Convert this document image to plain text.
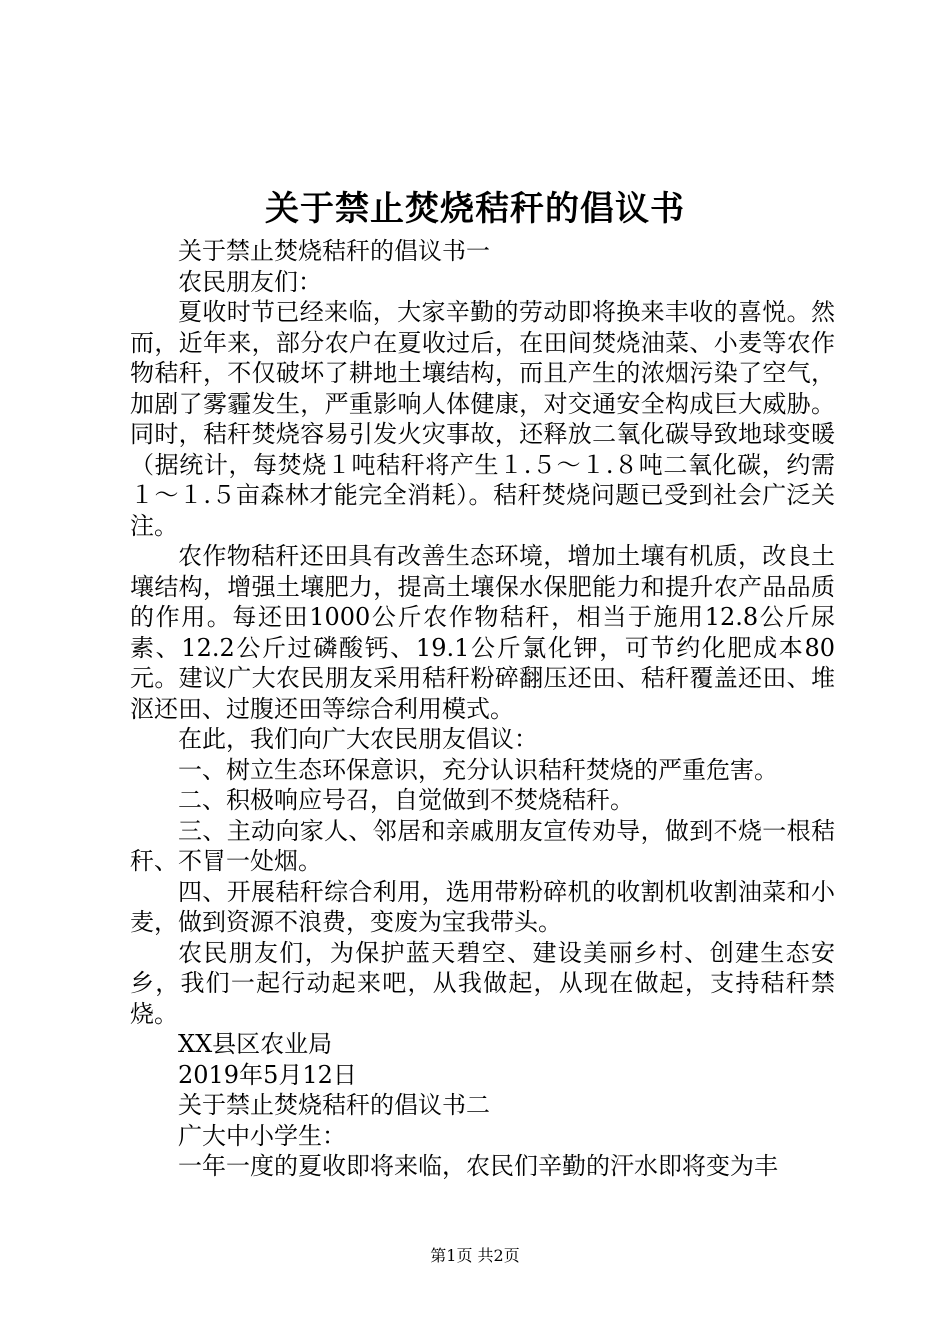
关于禁止焚烧秸秆的倡议书

关于禁止焚烧秸秆的倡议书一

农民朋友们：

夏收时节已经来临，大家辛勤的劳动即将换来丰收的喜悦。然而，近年来，部分农户在夏收过后，在田间焚烧油菜、小麦等农作物秸秆，不仅破坏了耕地土壤结构，而且产生的浓烟污染了空气，加剧了雾霾发生，严重影响人体健康，对交通安全构成巨大威胁。同时，秸秆焚烧容易引发火灾事故，还释放二氧化碳导致地球变暖（据统计，每焚烧１吨秸秆将产生１.５～１.８吨二氧化碳，约需１～１.５亩森林才能完全消耗）。秸秆焚烧问题已受到社会广泛关注。

农作物秸秆还田具有改善生态环境，增加土壤有机质，改良土壤结构，增强土壤肥力，提高土壤保水保肥能力和提升农产品品质的作用。每还田1000公斤农作物秸秆，相当于施用12.8公斤尿素、12.2公斤过磷酸钙、19.1公斤氯化钾，可节约化肥成本80元。建议广大农民朋友采用秸秆粉碎翻压还田、秸秆覆盖还田、堆沤还田、过腹还田等综合利用模式。

在此，我们向广大农民朋友倡议：

一、树立生态环保意识，充分认识秸秆焚烧的严重危害。

二、积极响应号召，自觉做到不焚烧秸秆。

三、主动向家人、邻居和亲戚朋友宣传劝导，做到不烧一根秸秆、不冒一处烟。

四、开展秸秆综合利用，选用带粉碎机的收割机收割油菜和小麦，做到资源不浪费，变废为宝我带头。

农民朋友们，为保护蓝天碧空、建设美丽乡村、创建生态安乡，我们一起行动起来吧，从我做起，从现在做起，支持秸秆禁烧。

XX县区农业局

2019年5月12日

关于禁止焚烧秸秆的倡议书二

广大中小学生：

一年一度的夏收即将来临，农民们辛勤的汗水即将变为丰

第1页 共2页
